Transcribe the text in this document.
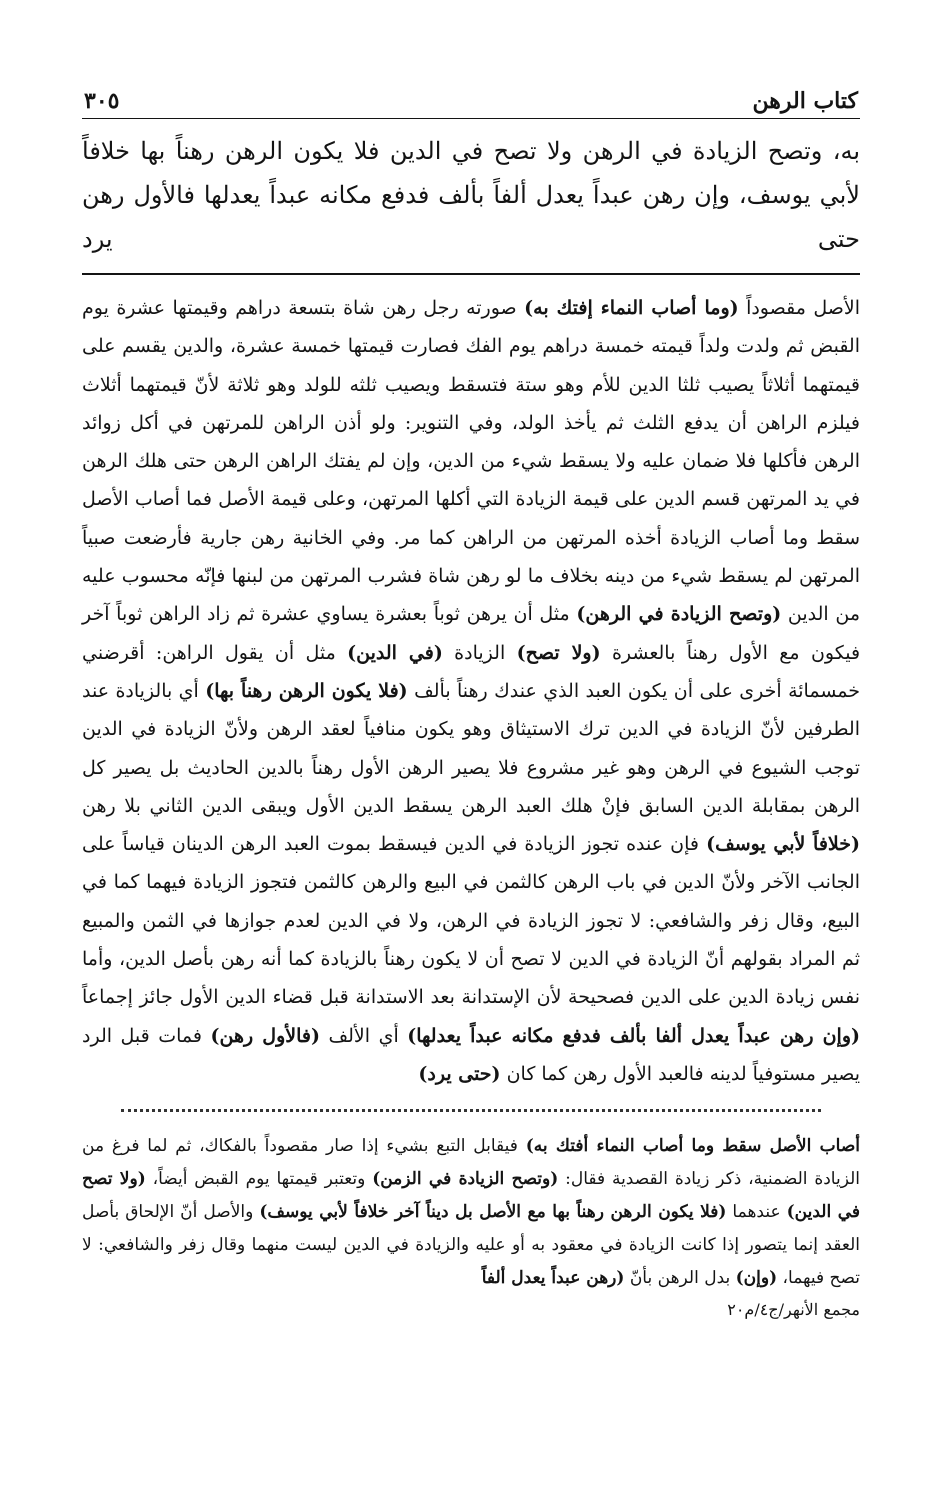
كتاب الرهن
٣٠٥

به، وتصح الزيادة في الرهن ولا تصح في الدين فلا يكون الرهن رهناً بها خلافاً لأبي يوسف، وإن رهن عبداً يعدل ألفاً بألف فدفع مكانه عبداً يعدلها فالأول رهن حتى يرد

الأصل مقصوداً (وما أصاب النماء إفتك به) صورته رجل رهن شاة بتسعة دراهم وقيمتها عشرة يوم القبض ثم ولدت ولداً قيمته خمسة دراهم يوم الفك فصارت قيمتها خمسة عشرة، والدين يقسم على قيمتهما أثلاثاً يصيب ثلثا الدين للأم وهو ستة فتسقط ويصيب ثلثه للولد وهو ثلاثة لأنّ قيمتهما أثلاث فيلزم الراهن أن يدفع الثلث ثم يأخذ الولد، وفي التنوير: ولو أذن الراهن للمرتهن في أكل زوائد الرهن فأكلها فلا ضمان عليه ولا يسقط شيء من الدين، وإن لم يفتك الراهن الرهن حتى هلك الرهن في يد المرتهن قسم الدين على قيمة الزيادة التي أكلها المرتهن، وعلى قيمة الأصل فما أصاب الأصل سقط وما أصاب الزيادة أخذه المرتهن من الراهن كما مر. وفي الخانية رهن جارية فأرضعت صبياً المرتهن لم يسقط شيء من دينه بخلاف ما لو رهن شاة فشرب المرتهن من لبنها فإنّه محسوب عليه من الدين (وتصح الزيادة في الرهن) مثل أن يرهن ثوباً بعشرة يساوي عشرة ثم زاد الراهن ثوباً آخر فيكون مع الأول رهناً بالعشرة (ولا تصح) الزيادة (في الدين) مثل أن يقول الراهن: أقرضني خمسمائة أخرى على أن يكون العبد الذي عندك رهناً بألف (فلا يكون الرهن رهناً بها) أي بالزيادة عند الطرفين لأنّ الزيادة في الدين ترك الاستيثاق وهو يكون منافياً لعقد الرهن ولأنّ الزيادة في الدين توجب الشيوع في الرهن وهو غير مشروع فلا يصير الرهن الأول رهناً بالدين الحاديث بل يصير كل الرهن بمقابلة الدين السابق فإنْ هلك العبد الرهن يسقط الدين الأول ويبقى الدين الثاني بلا رهن (خلافاً لأبي يوسف) فإن عنده تجوز الزيادة في الدين فيسقط بموت العبد الرهن الدينان قياساً على الجانب الآخر ولأنّ الدين في باب الرهن كالثمن في البيع والرهن كالثمن فتجوز الزيادة فيهما كما في البيع، وقال زفر والشافعي: لا تجوز الزيادة في الرهن، ولا في الدين لعدم جوازها في الثمن والمبيع ثم المراد بقولهم أنّ الزيادة في الدين لا تصح أن لا يكون رهناً بالزيادة كما أنه رهن بأصل الدين، وأما نفس زيادة الدين على الدين فصحيحة لأن الإستدانة بعد الاستدانة قبل قضاء الدين الأول جائز إجماعاً (وإن رهن عبداً يعدل ألفا بألف فدفع مكانه عبداً يعدلها) أي الألف (فالأول رهن) فمات قبل الرد يصير مستوفياً لدينه فالعبد الأول رهن كما كان (حتى يرد)

أصاب الأصل سقط وما أصاب النماء أفتك به) فيقابل التبع بشيء إذا صار مقصوداً بالفكاك، ثم لما فرغ من الزيادة الضمنية، ذكر زيادة القصدية فقال: (وتصح الزيادة في الزمن) وتعتبر قيمتها يوم القبض أيضاً، (ولا تصح في الدين) عندهما (فلا يكون الرهن رهناً بها مع الأصل بل ديناً آخر خلافاً لأبي يوسف) والأصل أنّ الإلحاق بأصل العقد إنما يتصور إذا كانت الزيادة في معقود به أو عليه والزيادة في الدين ليست منهما وقال زفر والشافعي: لا تصح فيهما، (وإن) بدل الرهن بأنّ (رهن عبداً يعدل ألفاً

مجمع الأنهر/ج٤/م٢٠
